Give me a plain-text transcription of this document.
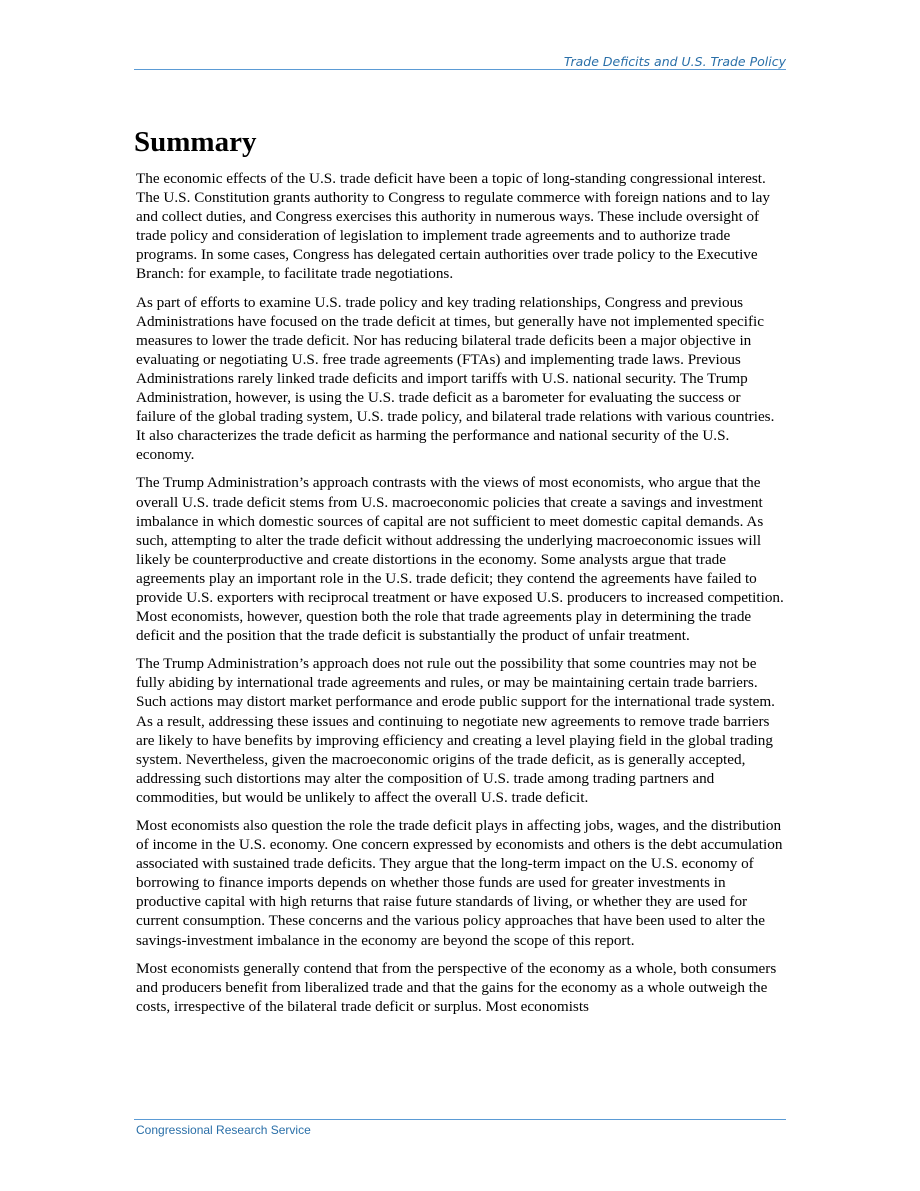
Trade Deficits and U.S. Trade Policy
Summary

The economic effects of the U.S. trade deficit have been a topic of long-standing congressional interest. The U.S. Constitution grants authority to Congress to regulate commerce with foreign nations and to lay and collect duties, and Congress exercises this authority in numerous ways. These include oversight of trade policy and consideration of legislation to implement trade agreements and to authorize trade programs. In some cases, Congress has delegated certain authorities over trade policy to the Executive Branch: for example, to facilitate trade negotiations.

As part of efforts to examine U.S. trade policy and key trading relationships, Congress and previous Administrations have focused on the trade deficit at times, but generally have not implemented specific measures to lower the trade deficit. Nor has reducing bilateral trade deficits been a major objective in evaluating or negotiating U.S. free trade agreements (FTAs) and implementing trade laws. Previous Administrations rarely linked trade deficits and import tariffs with U.S. national security. The Trump Administration, however, is using the U.S. trade deficit as a barometer for evaluating the success or failure of the global trading system, U.S. trade policy, and bilateral trade relations with various countries. It also characterizes the trade deficit as harming the performance and national security of the U.S. economy.

The Trump Administration’s approach contrasts with the views of most economists, who argue that the overall U.S. trade deficit stems from U.S. macroeconomic policies that create a savings and investment imbalance in which domestic sources of capital are not sufficient to meet domestic capital demands. As such, attempting to alter the trade deficit without addressing the underlying macroeconomic issues will likely be counterproductive and create distortions in the economy. Some analysts argue that trade agreements play an important role in the U.S. trade deficit; they contend the agreements have failed to provide U.S. exporters with reciprocal treatment or have exposed U.S. producers to increased competition. Most economists, however, question both the role that trade agreements play in determining the trade deficit and the position that the trade deficit is substantially the product of unfair treatment.

The Trump Administration’s approach does not rule out the possibility that some countries may not be fully abiding by international trade agreements and rules, or may be maintaining certain trade barriers. Such actions may distort market performance and erode public support for the international trade system. As a result, addressing these issues and continuing to negotiate new agreements to remove trade barriers are likely to have benefits by improving efficiency and creating a level playing field in the global trading system. Nevertheless, given the macroeconomic origins of the trade deficit, as is generally accepted, addressing such distortions may alter the composition of U.S. trade among trading partners and commodities, but would be unlikely to affect the overall U.S. trade deficit.

Most economists also question the role the trade deficit plays in affecting jobs, wages, and the distribution of income in the U.S. economy. One concern expressed by economists and others is the debt accumulation associated with sustained trade deficits. They argue that the long-term impact on the U.S. economy of borrowing to finance imports depends on whether those funds are used for greater investments in productive capital with high returns that raise future standards of living, or whether they are used for current consumption. These concerns and the various policy approaches that have been used to alter the savings-investment imbalance in the economy are beyond the scope of this report.

Most economists generally contend that from the perspective of the economy as a whole, both consumers and producers benefit from liberalized trade and that the gains for the economy as a whole outweigh the costs, irrespective of the bilateral trade deficit or surplus. Most economists

Congressional Research Service
